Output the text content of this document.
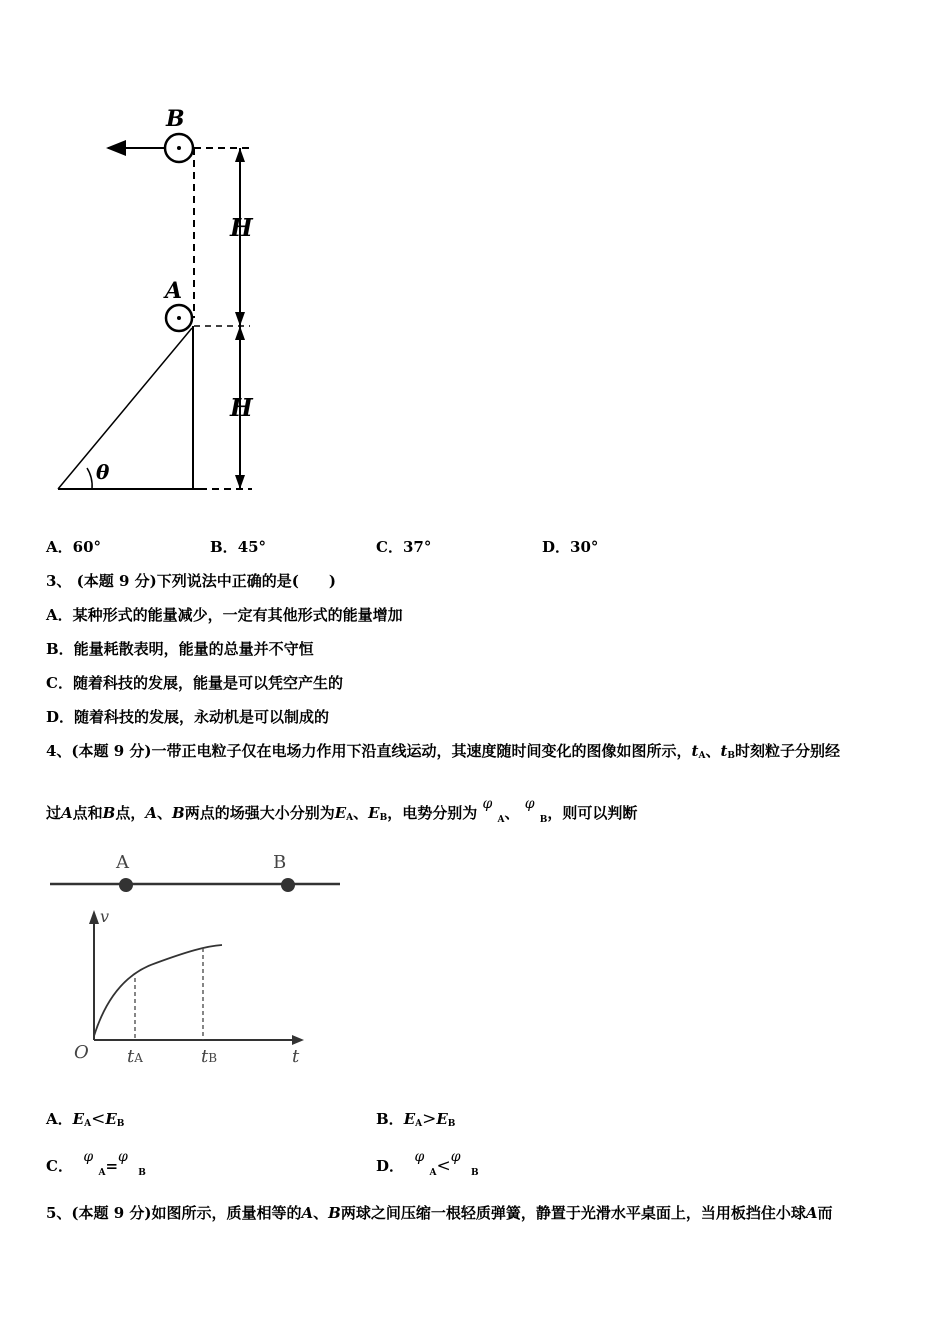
B
A
θ
H
H
A．60°	B．45°	C．37°	D．30°
3、 (本题 9 分)下列说法中正确的是(　　)
A．某种形式的能量减少，一定有其他形式的能量增加
B．能量耗散表明，能量的总量并不守恒
C．随着科技的发展，能量是可以凭空产生的
D．随着科技的发展，永动机是可以制成的
4、(本题 9 分)一带正电粒子仅在电场力作用下沿直线运动，其速度随时间变化的图像如图所示，$t_A$、$t_B$时刻粒子分别经
过A点和B点，A、B两点的场强大小分别为$E_A$、$E_B$，电势分别为 φ $_A$、 φ $_B$，则可以判断
A	B
v
t
O tA	tB
A．$E_A<E_B$	B．$E_A>E_B$
C． φ $_A$=φ  $_B$	D． φ $_A$<φ  $_B$
5、(本题 9 分)如图所示，质量相等的A、B两球之间压缩一根轻质弹簧，静置于光滑水平桌面上，当用板挡住小球A而
